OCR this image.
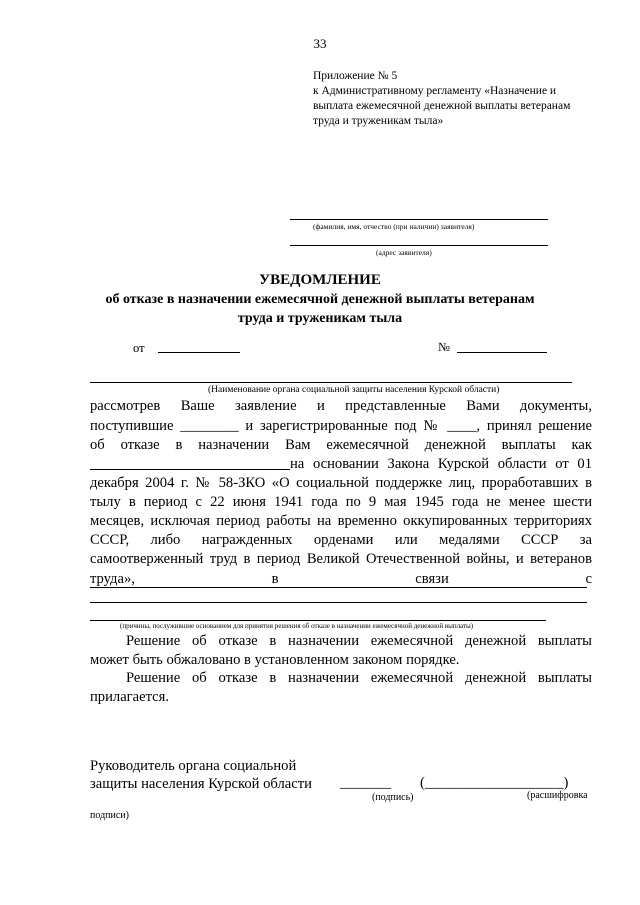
33
Приложение № 5
к Административному регламенту «Назначение и
выплата ежемесячной денежной выплаты ветеранам
труда и труженикам тыла»
(фамилия, имя, отчество (при наличии) заявителя)
(адрес заявителя)
УВЕДОМЛЕНИЕ
об отказе в назначении ежемесячной денежной выплаты ветеранам
труда и труженикам тыла
от	№
(Наименование органа социальной защиты населения Курской области)
рассмотрев Ваше заявление и представленные Вами документы,
поступившие ________ и зарегистрированные под № ____, принял решение
об отказе в назначении Вам ежемесячной денежной выплаты как
на основании Закона Курской области от 01
декабря 2004 г. № 58-ЗКО «О социальной поддержке лиц, проработавших в
тылу в период с 22 июня 1941 года по 9 мая 1945 года не менее шести
месяцев, исключая период работы на временно оккупированных территориях
СССР, либо награжденных орденами или медалями СССР за
самоотверженный труд в период Великой Отечественной войны, и ветеранов
труда», в связи с
(причины, послужившие основанием для принятия решения об отказе в назначении ежемесячной денежной выплаты)
Решение об отказе в назначении ежемесячной денежной выплаты
может быть обжаловано в установленном законом порядке.
Решение об отказе в назначении ежемесячной денежной выплаты
прилагается.
Руководитель органа социальной
защиты населения Курской области _______ (___________________)
(подпись)	(расшифровка
подписи)
